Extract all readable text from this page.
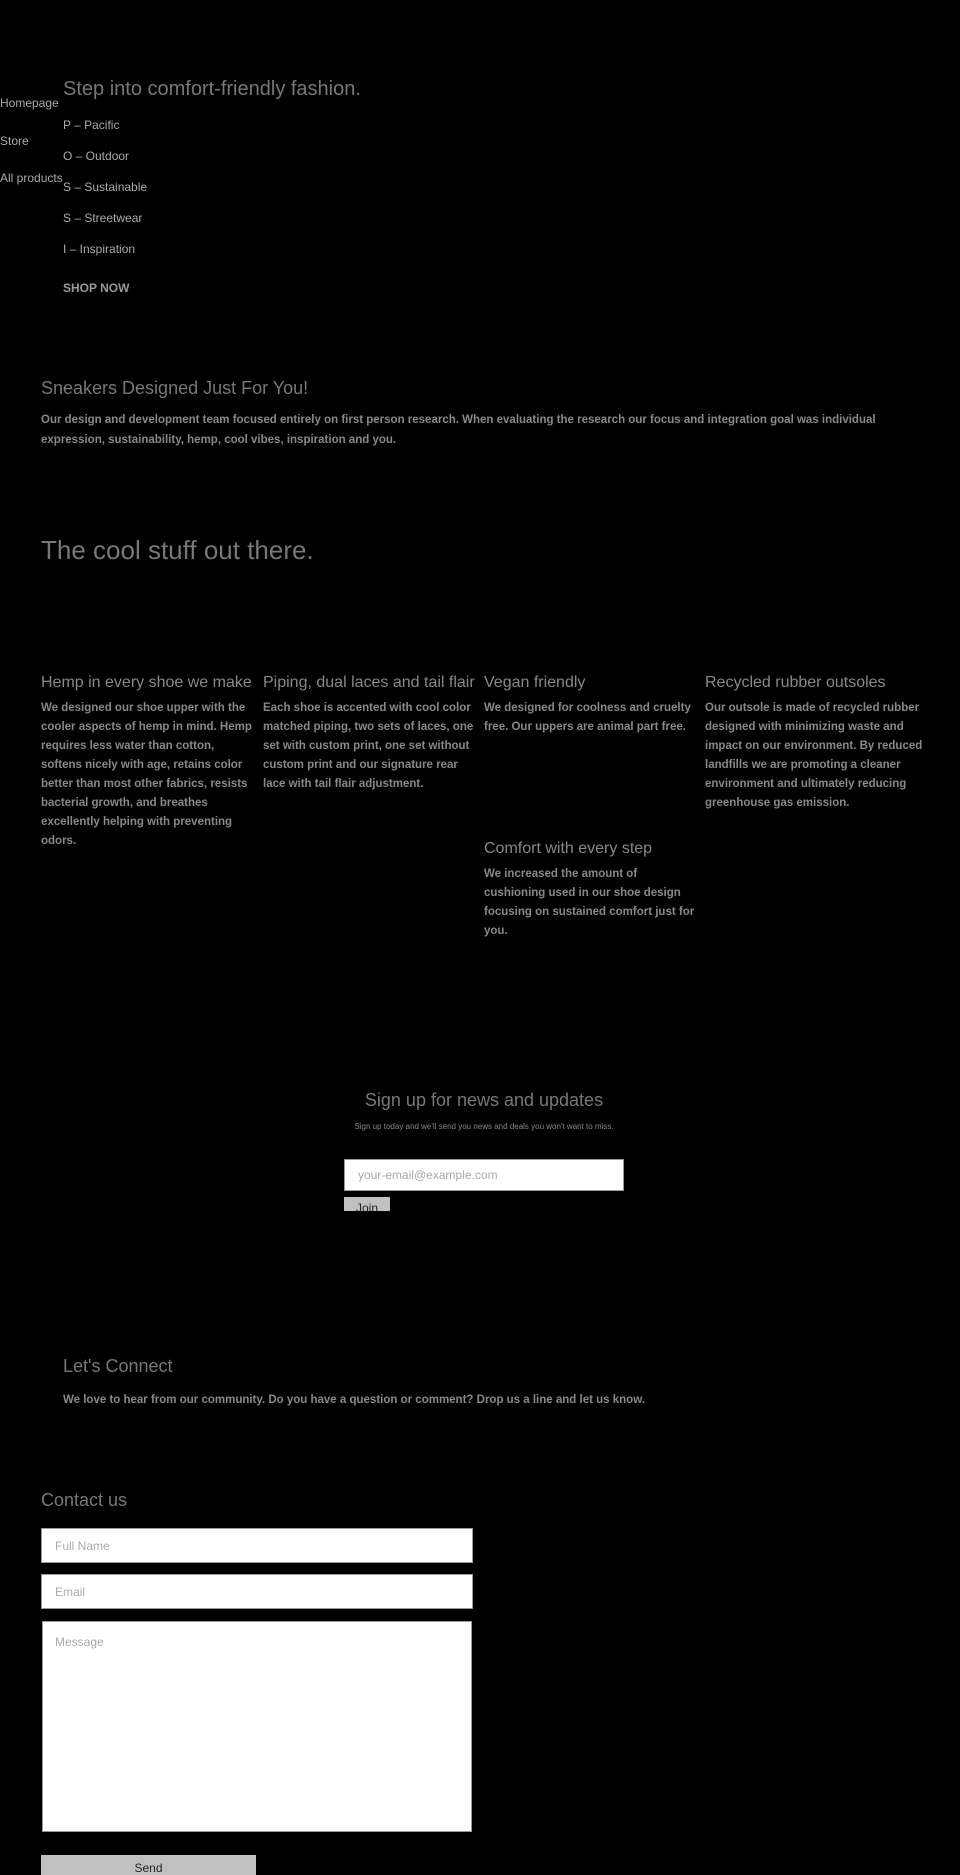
Homepage
Store
All products
Step into comfort-friendly fashion.
P – Pacific
O – Outdoor
S – Sustainable
S – Streetwear
I – Inspiration
SHOP NOW
Sneakers Designed Just For You!

Our design and development team focused entirely on first person research. When evaluating the research our focus and integration goal was individual expression, sustainability, hemp, cool vibes, inspiration and you.

The cool stuff out there.
Hemp in every shoe we make

We designed our shoe upper with the cooler aspects of hemp in mind. Hemp requires less water than cotton, softens nicely with age, retains color better than most other fabrics, resists bacterial growth, and breathes excellently helping with preventing odors.

Piping, dual laces and tail flair

Each shoe is accented with cool color matched piping, two sets of laces, one set with custom print, one set without custom print and our signature rear lace with tail flair adjustment.

Vegan friendly

We designed for coolness and cruelty free. Our uppers are animal part free.

Recycled rubber outsoles

Our outsole is made of recycled rubber designed with minimizing waste and impact on our environment. By reduced landfills we are promoting a cleaner environment and ultimately reducing greenhouse gas emission.

Comfort with every step

We increased the amount of cushioning used in our shoe design focusing on sustained comfort just for you.

Sign up for news and updates

Sign up today and we'll send you news and deals you won't want to miss.

your-email@example.com
Join
Let's Connect

We love to hear from our community. Do you have a question or comment? Drop us a line and let us know.

Contact us
Full Name
Email
Message
Send
